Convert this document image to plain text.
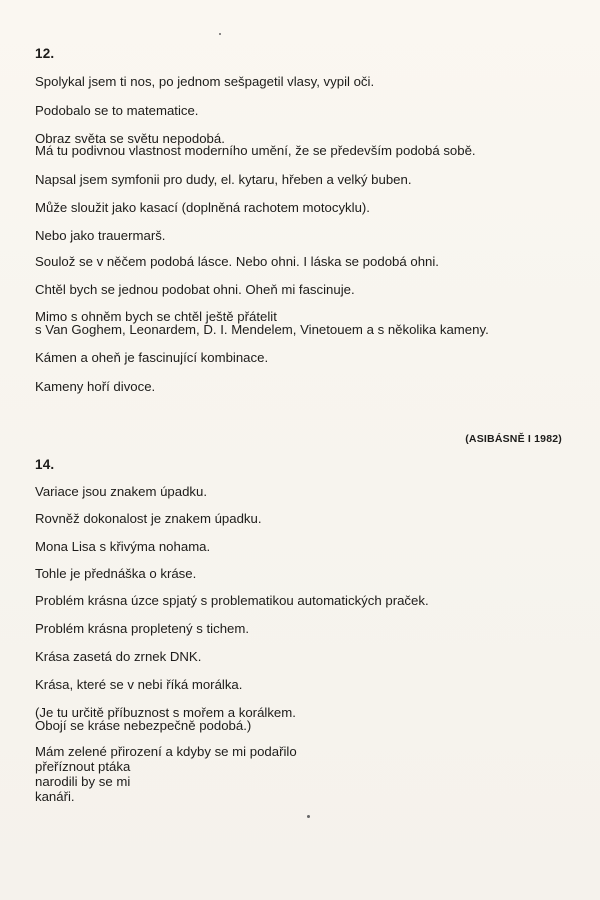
12.
Spolykal jsem ti nos, po jednom sešpagetil vlasy, vypil oči.
Podobalo se to matematice.
Obraz světa se světu nepodobá.
Má tu podivnou vlastnost moderního umění, že se především podobá sobě.
Napsal jsem symfonii pro dudy, el. kytaru, hřeben a velký buben.
Může sloužit jako kasací (doplněná rachotem motocyklu).
Nebo jako trauermarš.
Soulož se v něčem podobá lásce. Nebo ohni. I láska se podobá ohni.
Chtěl bych se jednou podobat ohni. Oheň mi fascinuje.
Mimo s ohněm bych se chtěl ještě přátelit
s Van Goghem, Leonardem, D. I. Mendelem, Vinetouem a s několika kameny.
Kámen a oheň je fascinující kombinace.
Kameny hoří divoce.
(ASIBÁSNĚ I 1982)
14.
Variace jsou znakem úpadku.
Rovněž dokonalost je znakem úpadku.
Mona Lisa s křivýma nohama.
Tohle je přednáška o kráse.
Problém krásna úzce spjatý s problematikou automatických praček.
Problém krásna propletený s tichem.
Krása zasetá do zrnek DNK.
Krása, které se v nebi říká morálka.
(Je tu určitě příbuznost s mořem a korálkem.
Obojí se kráse nebezpečně podobá.)
Mám zelené přirození a kdyby se mi podařilo
přeříznout ptáka
narodili by se mi
kanáři.
